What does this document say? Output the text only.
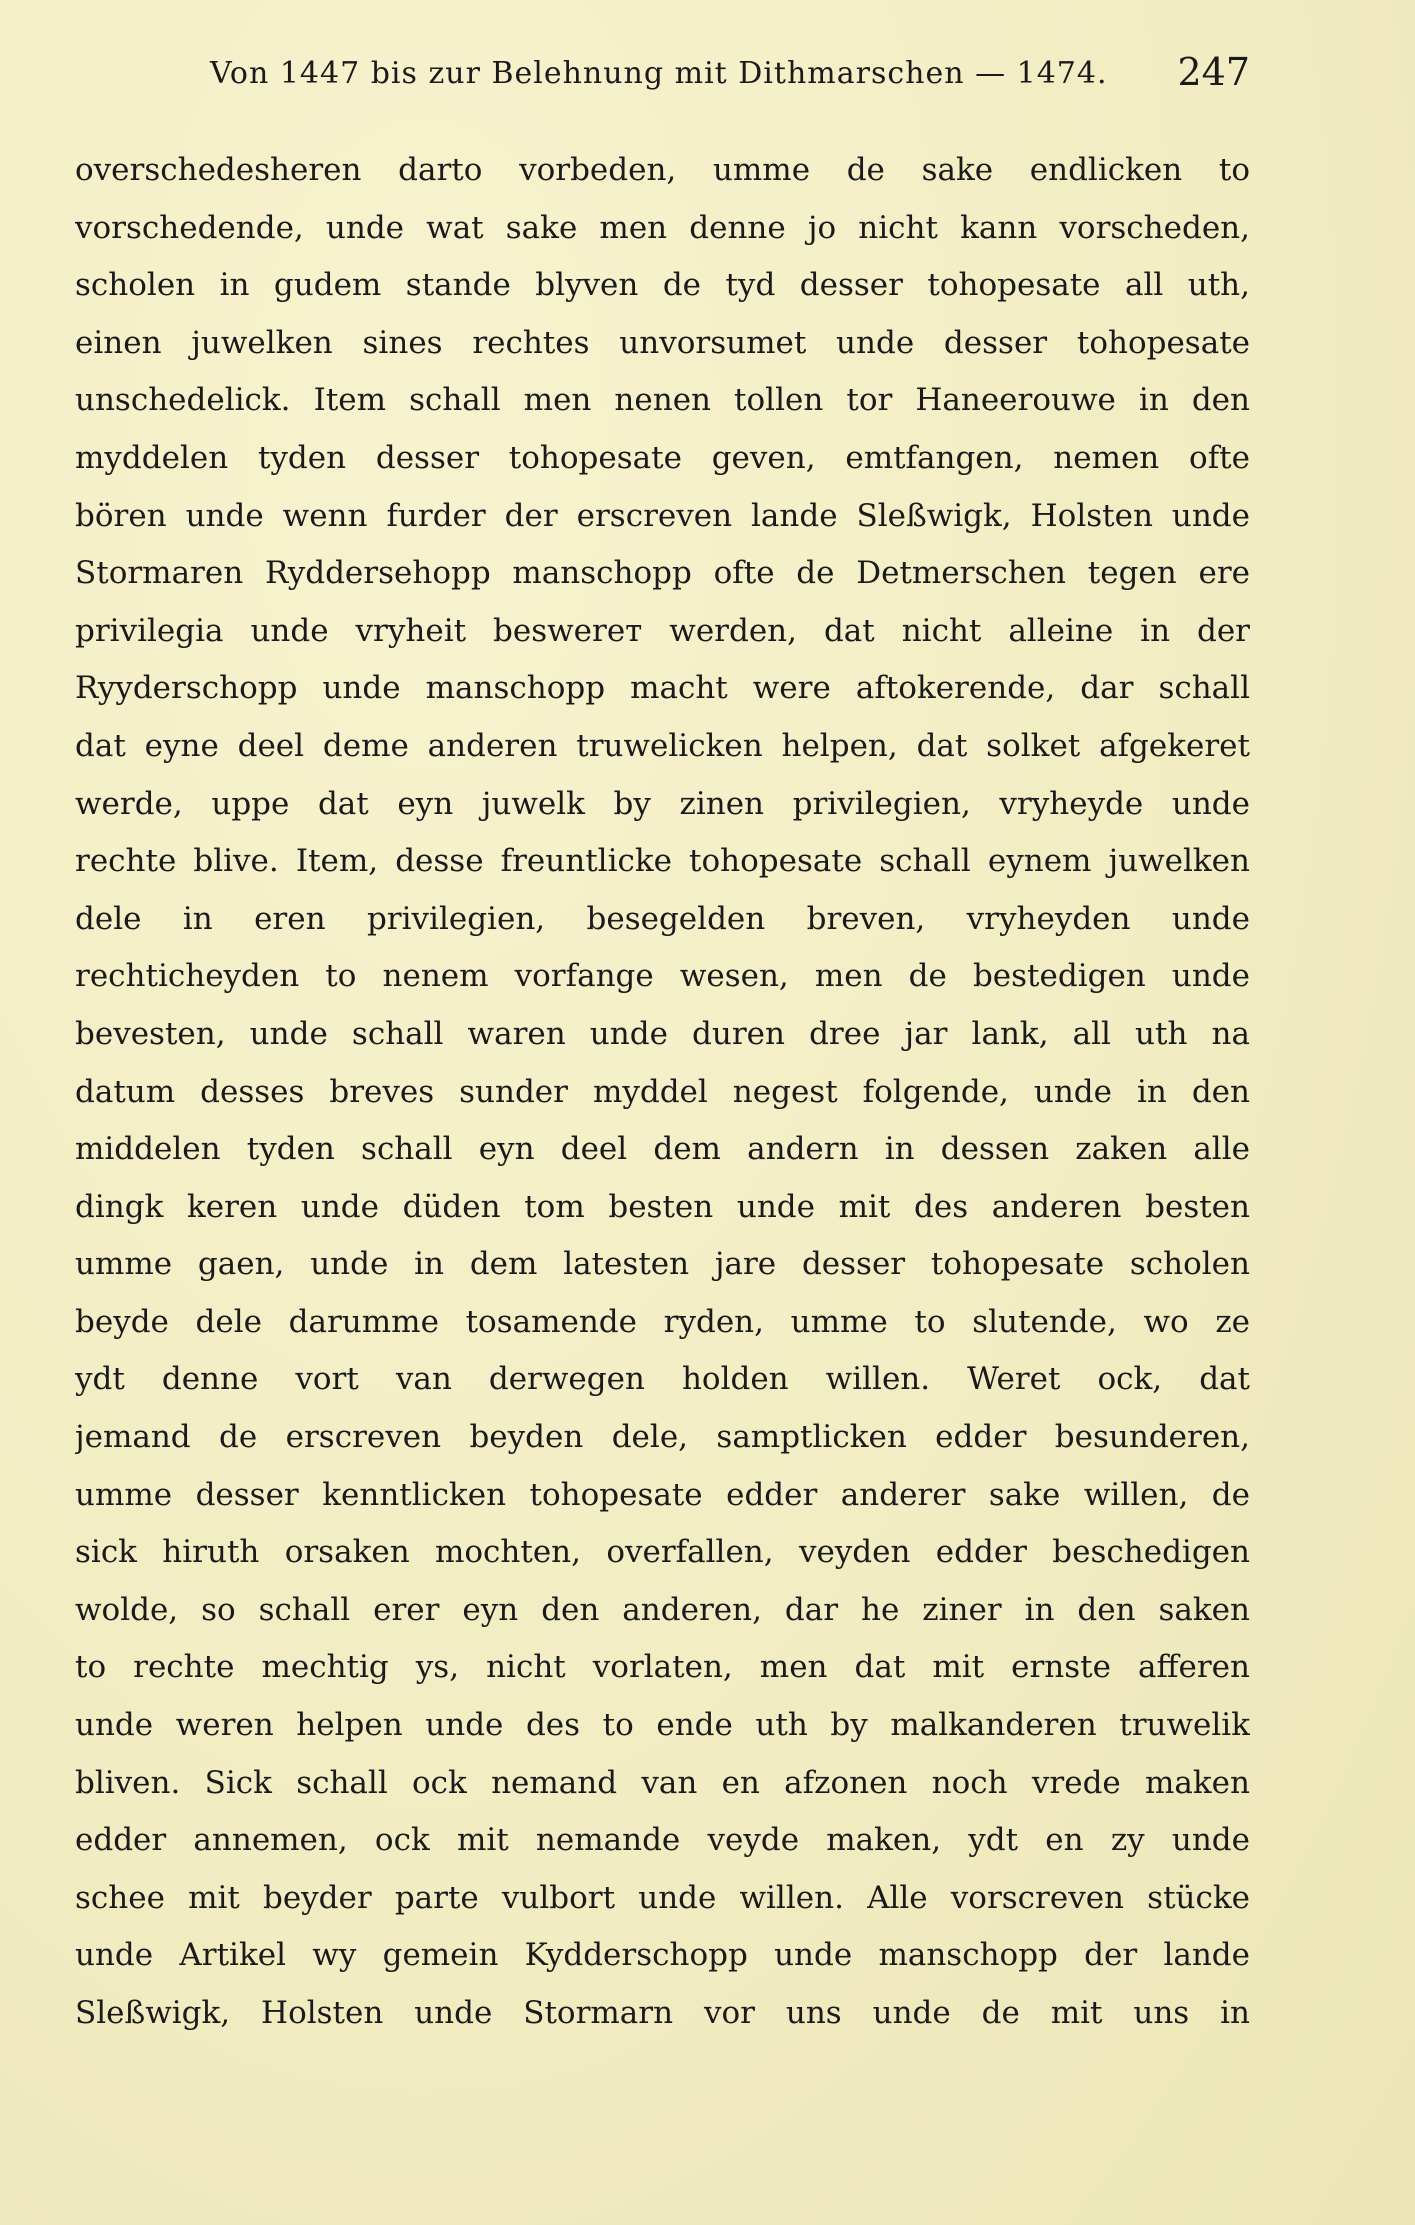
Von 1447 bis zur Belehnung mit Dithmarschen — 1474. 247
overschedesheren darto vorbeden, umme de sake endlicken to
vorschedende, unde wat sake men denne jo nicht kann vorscheden,
scholen in gudem stande blyven de tyd desser tohopesate all uth,
einen juwelken sines rechtes unvorsumet unde desser tohopesate
unschedelick. Item schall men nenen tollen tor Haneerouwe in den
myddelen tyden desser tohopesate geven, emtfangen, nemen ofte
bören unde wenn furder der erscreven lande Sleßwigk, Holsten unde
Stormaren Ryddersehopp manschopp ofte de Detmerschen tegen ere
privilegia unde vryheit beswerет werden, dat nicht alleine in der
Ryyderschopp unde manschopp macht were aftokerende, dar schall
dat eyne deel deme anderen truwelicken helpen, dat solket afgekeret
werde, uppe dat eyn juwelk by zinen privilegien, vryheyde unde
rechte blive. Item, desse freuntlicke tohopesate schall eynem juwelken
dele in eren privilegien, besegelden breven, vryheyden unde
rechticheyden to nenem vorfange wesen, men de bestedigen unde
bevesten, unde schall waren unde duren dree jar lank, all uth na
datum desses breves sunder myddel negest folgende, unde in den
middelen tyden schall eyn deel dem andern in dessen zaken alle
dingk keren unde düden tom besten unde mit des anderen besten
umme gaen, unde in dem latesten jare desser tohopesate scholen
beyde dele darumme tosamende ryden, umme to slutende, wo ze
ydt denne vort van derwegen holden willen. Weret ock, dat
jemand de erscreven beyden dele, samptlicken edder besunderen,
umme desser kenntlicken tohopesate edder anderer sake willen, de
sick hiruth orsaken mochten, overfallen, veyden edder beschedigen
wolde, so schall erer eyn den anderen, dar he ziner in den saken
to rechte mechtig ys, nicht vorlaten, men dat mit ernste afferen
unde weren helpen unde des to ende uth by malkanderen truwelik
bliven. Sick schall ock nemand van en afzonen noch vrede maken
edder annemen, ock mit nemande veyde maken, ydt en zy unde
schee mit beyder parte vulbort unde willen. Alle vorscreven stücke
unde Artikel wy gemein Kydderschopp unde manschopp der lande
Sleßwigk, Holsten unde Stormarn vor uns unde de mit uns in
